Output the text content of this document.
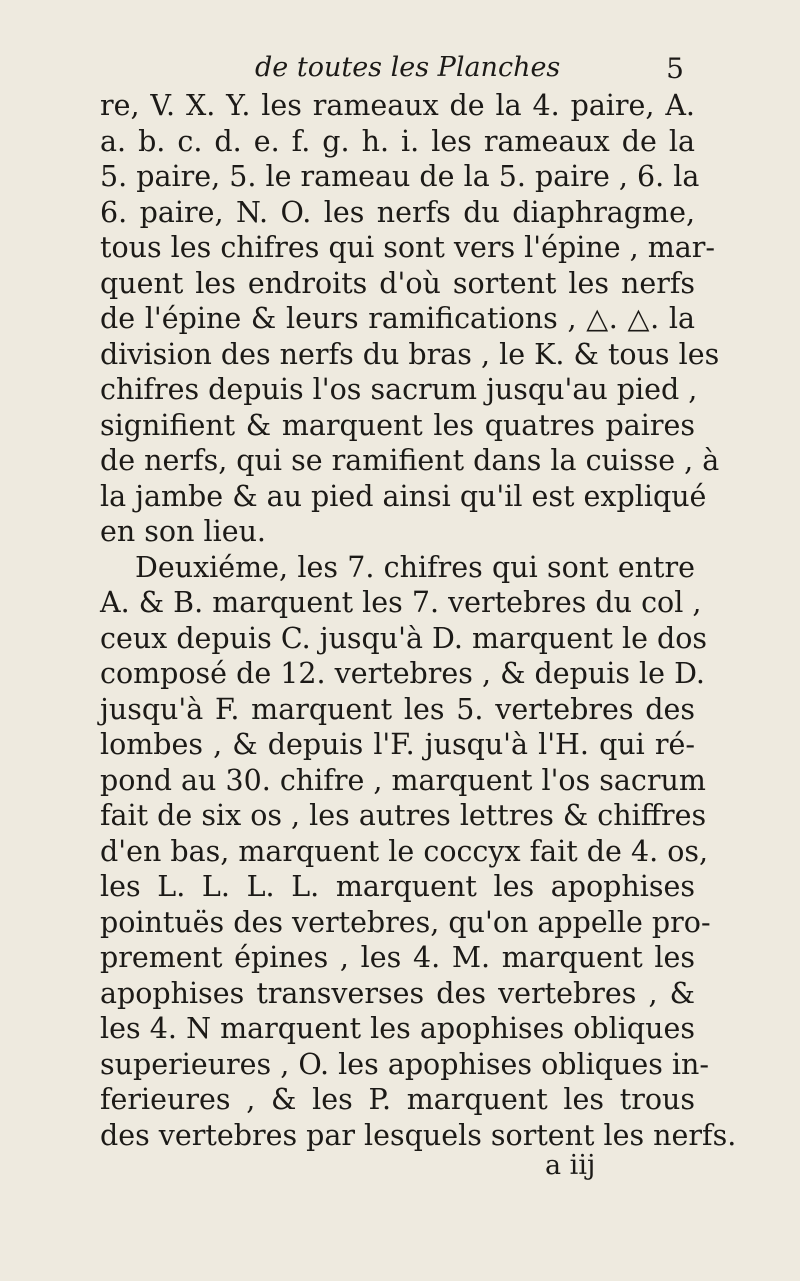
de toutes les Planches	5
re, V. X. Y. les rameaux de la 4. paire, A.
a. b. c. d. e. f. g. h. i. les rameaux de la
5. paire, 5. le rameau de la 5. paire , 6. la
6. paire, N. O. les nerfs du diaphragme,
tous les chifres qui sont vers l'épine , mar-
quent les endroits d'où sortent les nerfs
de l'épine & leurs ramifications , △. △. la
division des nerfs du bras , le K. & tous les
chifres depuis l'os sacrum jusqu'au pied ,
signifient & marquent les quatres paires
de nerfs, qui se ramifient dans la cuisse , à
la jambe & au pied ainsi qu'il est expliqué
en son lieu.
Deuxiéme, les 7. chifres qui sont entre
A. & B. marquent les 7. vertebres du col ,
ceux depuis C. jusqu'à D. marquent le dos
composé de 12. vertebres , & depuis le D.
jusqu'à F. marquent les 5. vertebres des
lombes , & depuis l'F. jusqu'à l'H. qui ré-
pond au 30. chifre , marquent l'os sacrum
fait de six os , les autres lettres & chiffres
d'en bas, marquent le coccyx fait de 4. os,
les L. L. L. L. marquent les apophises
pointuës des vertebres, qu'on appelle pro-
prement épines , les 4. M. marquent les
apophises transverses des vertebres , &
les 4. N marquent les apophises obliques
superieures , O. les apophises obliques in-
ferieures , & les P. marquent les trous
des vertebres par lesquels sortent les nerfs.
a iij
